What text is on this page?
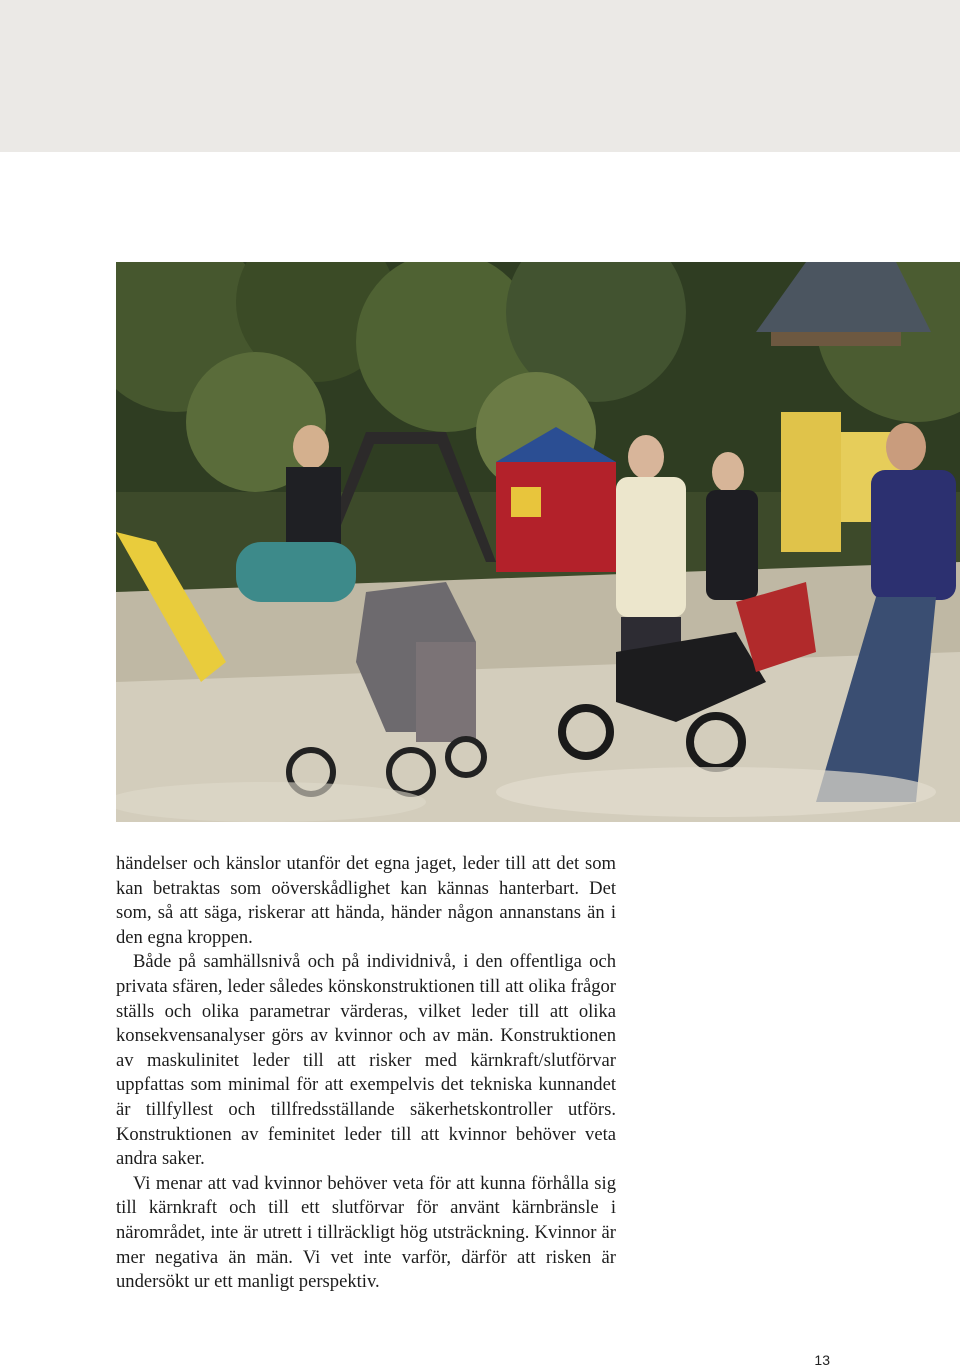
händelser och känslor utanför det egna jaget, leder till att det som kan betraktas som oöverskådlighet kan kännas hanterbart. Det som, så att säga, riskerar att hända, händer någon annanstans än i den egna kroppen.

Både på samhällsnivå och på individnivå, i den offentliga och privata sfären, leder således könskonstruktionen till att olika frågor ställs och olika parametrar värderas, vilket leder till att olika konsekvensanalyser görs av kvinnor och av män. Konstruktionen av maskulinitet leder till att risker med kärnkraft/slutförvar uppfattas som minimal för att exempelvis det tekniska kunnandet är tillfyllest och tillfredsställande säkerhetskontroller utförs. Konstruktionen av feminitet leder till att kvinnor behöver veta andra saker.

Vi menar att vad kvinnor behöver veta för att kunna förhålla sig till kärnkraft och till ett slutförvar för använt kärnbränsle i närområdet, inte är utrett i tillräckligt hög utsträckning. Kvinnor är mer negativa än män. Vi vet inte varför, därför att risken är undersökt ur ett manligt perspektiv.

13
